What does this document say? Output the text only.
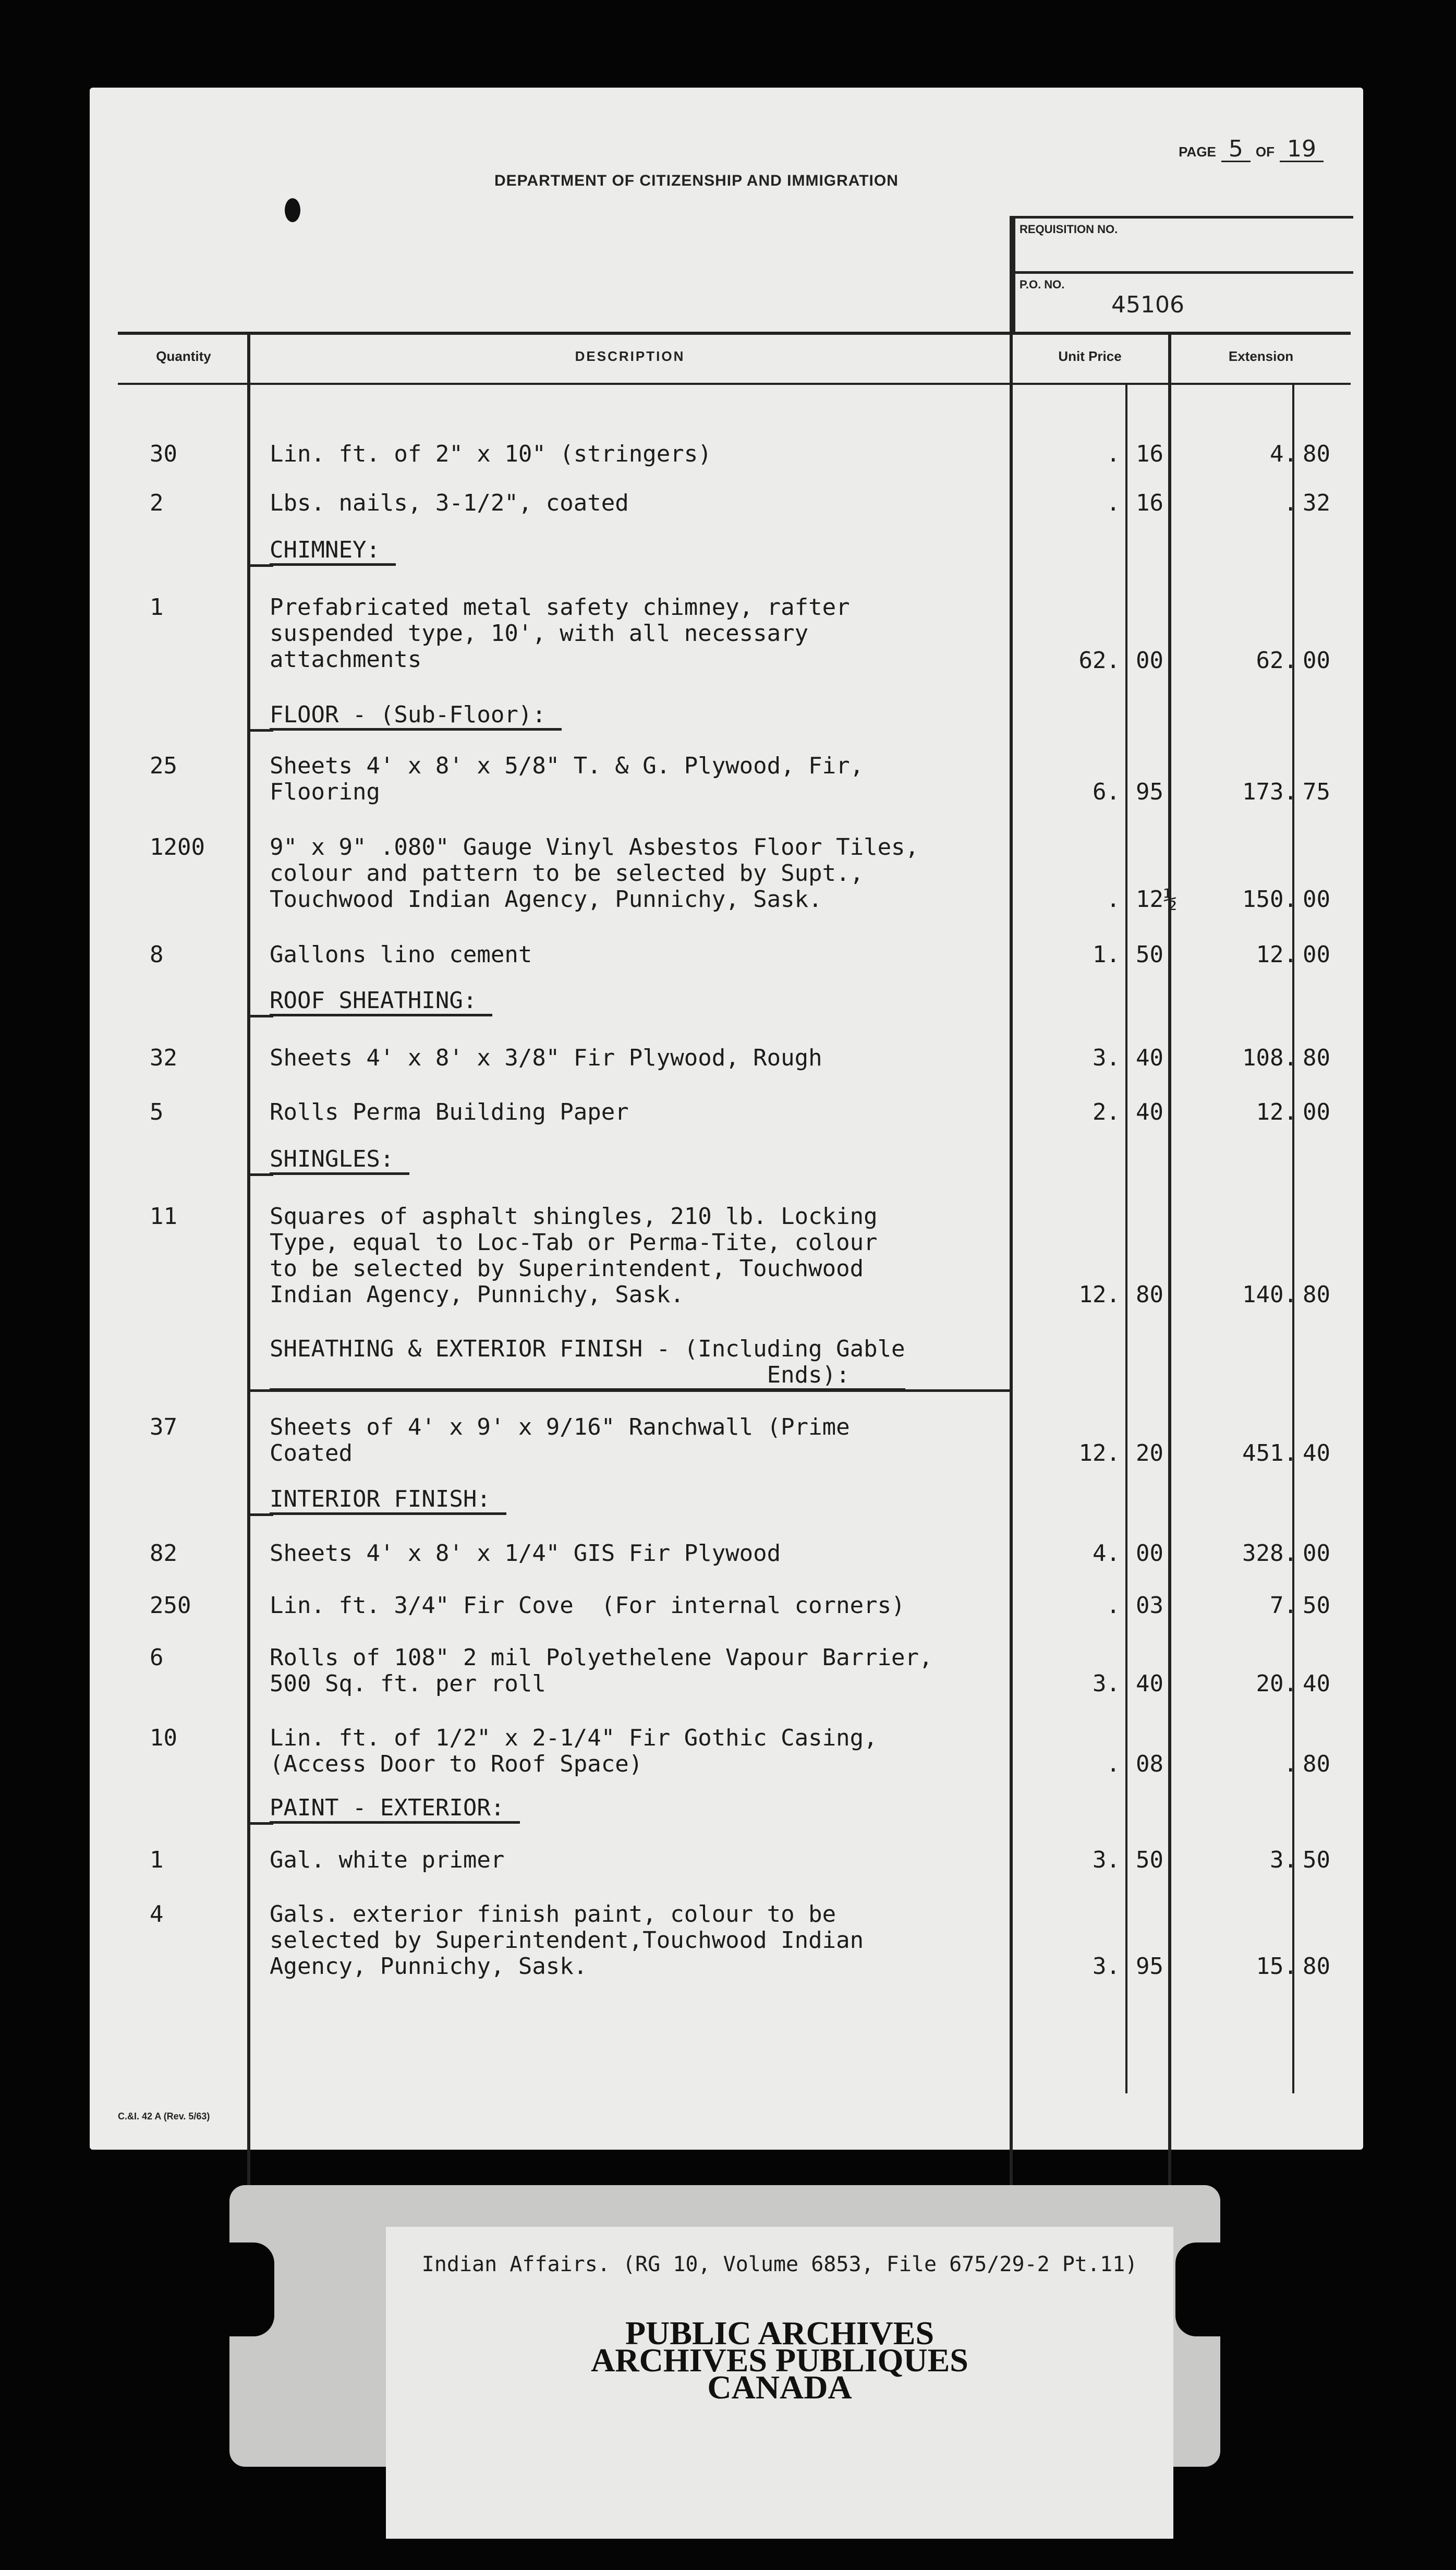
DEPARTMENT OF CITIZENSHIP AND IMMIGRATION
PAGE 5 OF 19
REQUISITION NO.
P.O. NO.
45106
Quantity	DESCRIPTION	Unit Price	Extension
30	Lin. ft. of 2" x 10" (stringers)	. 16	4. 80
2	Lbs. nails, 3-1/2", coated	. 16	. 32
CHIMNEY:
1	Prefabricated metal safety chimney, rafter
suspended type, 10', with all necessary
attachments	62. 00	62. 00
FLOOR - (Sub-Floor):
25	Sheets 4' x 8' x 5/8" T. & G. Plywood, Fir,
Flooring	6. 95	173. 75
1200	9" x 9" .080" Gauge Vinyl Asbestos Floor Tiles,
colour and pattern to be selected by Supt.,
Touchwood Indian Agency, Punnichy, Sask.	. 12½	150. 00
8	Gallons lino cement	1. 50	12. 00
ROOF SHEATHING:
32	Sheets 4' x 8' x 3/8" Fir Plywood, Rough	3. 40	108. 80
5	Rolls Perma Building Paper	2. 40	12. 00
SHINGLES:
11	Squares of asphalt shingles, 210 lb. Locking
Type, equal to Loc-Tab or Perma-Tite, colour
to be selected by Superintendent, Touchwood
Indian Agency, Punnichy, Sask.	12. 80	140. 80
SHEATHING & EXTERIOR FINISH - (Including Gable
Ends):
37	Sheets of 4' x 9' x 9/16" Ranchwall (Prime
Coated	12. 20	451. 40
INTERIOR FINISH:
82	Sheets 4' x 8' x 1/4" GIS Fir Plywood	4. 00	328. 00
250	Lin. ft. 3/4" Fir Cove  (For internal corners)	. 03	7. 50
6	Rolls of 108" 2 mil Polyethelene Vapour Barrier,
500 Sq. ft. per roll	3. 40	20. 40
10	Lin. ft. of 1/2" x 2-1/4" Fir Gothic Casing,
(Access Door to Roof Space)	. 08	. 80
PAINT - EXTERIOR:
1	Gal. white primer	3. 50	3. 50
4	Gals. exterior finish paint, colour to be
selected by Superintendent,Touchwood Indian
Agency, Punnichy, Sask.	3. 95	15. 80
C.&I. 42 A (Rev. 5/63)
Indian Affairs. (RG 10, Volume 6853, File 675/29-2 Pt.11)
PUBLIC ARCHIVES
ARCHIVES PUBLIQUES
CANADA
